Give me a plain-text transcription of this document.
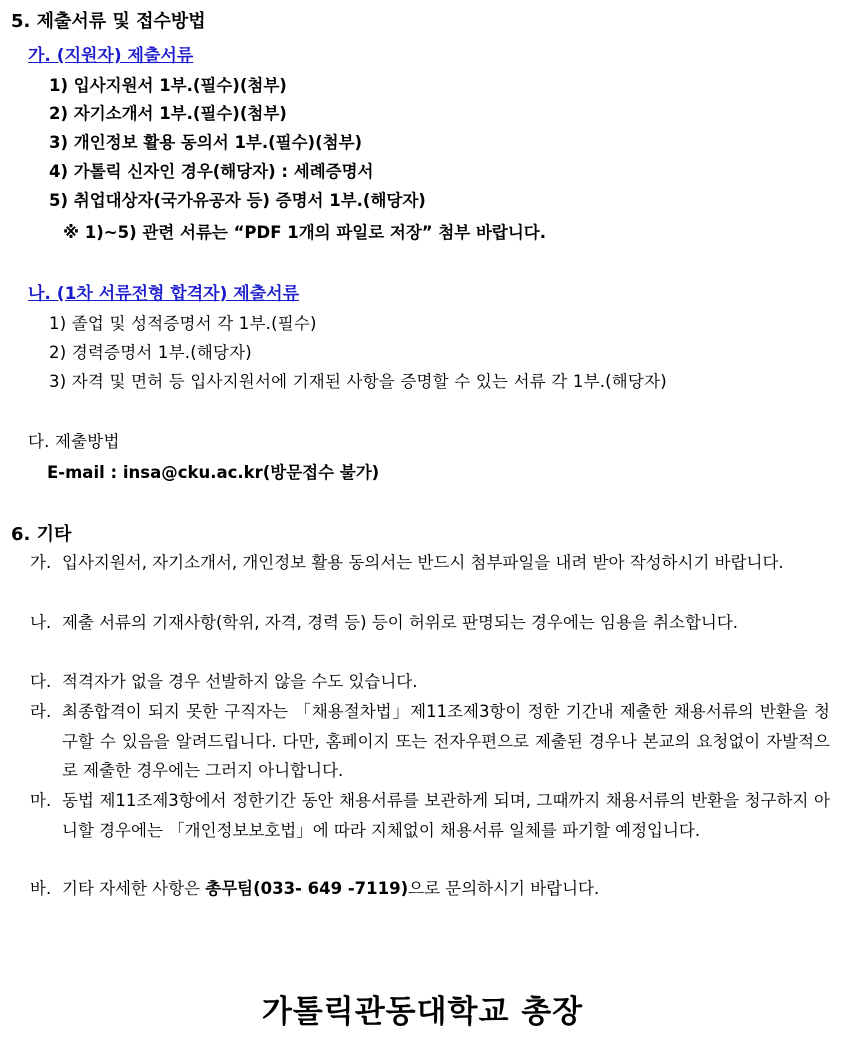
5. 제출서류 및 접수방법
가. (지원자) 제출서류
1) 입사지원서 1부.(필수)(첨부)
2) 자기소개서 1부.(필수)(첨부)
3) 개인정보 활용 동의서 1부.(필수)(첨부)
4) 가톨릭 신자인 경우(해당자) : 세례증명서
5) 취업대상자(국가유공자 등) 증명서 1부.(해당자)
※ 1)~5) 관련 서류는 “PDF 1개의 파일로 저장” 첨부 바랍니다.
나. (1차 서류전형 합격자) 제출서류
1) 졸업 및 성적증명서 각 1부.(필수)
2) 경력증명서 1부.(해당자)
3) 자격 및 면허 등 입사지원서에 기재된 사항을 증명할 수 있는 서류 각 1부.(해당자)
다. 제출방법
E-mail : insa@cku.ac.kr(방문접수 불가)
6. 기타
가. 입사지원서, 자기소개서, 개인정보 활용 동의서는 반드시 첨부파일을 내려 받아 작성하시기 바랍니다.
나. 제출 서류의 기재사항(학위, 자격, 경력 등) 등이 허위로 판명되는 경우에는 임용을 취소합니다.
다. 적격자가 없을 경우 선발하지 않을 수도 있습니다.
라. 최종합격이 되지 못한 구직자는 「채용절차법」제11조제3항이 정한 기간내 제출한 채용서류의 반환을 청구할 수 있음을 알려드립니다. 다만, 홈페이지 또는 전자우편으로 제출된 경우나 본교의 요청없이 자발적으로 제출한 경우에는 그러지 아니합니다.
마. 동법 제11조제3항에서 정한기간 동안 채용서류를 보관하게 되며, 그때까지 채용서류의 반환을 청구하지 아니할 경우에는 「개인정보보호법」에 따라 지체없이 채용서류 일체를 파기할 예정입니다.
바. 기타 자세한 사항은 총무팀(033- 649 -7119)으로 문의하시기 바랍니다.
가톨릭관동대학교 총장
